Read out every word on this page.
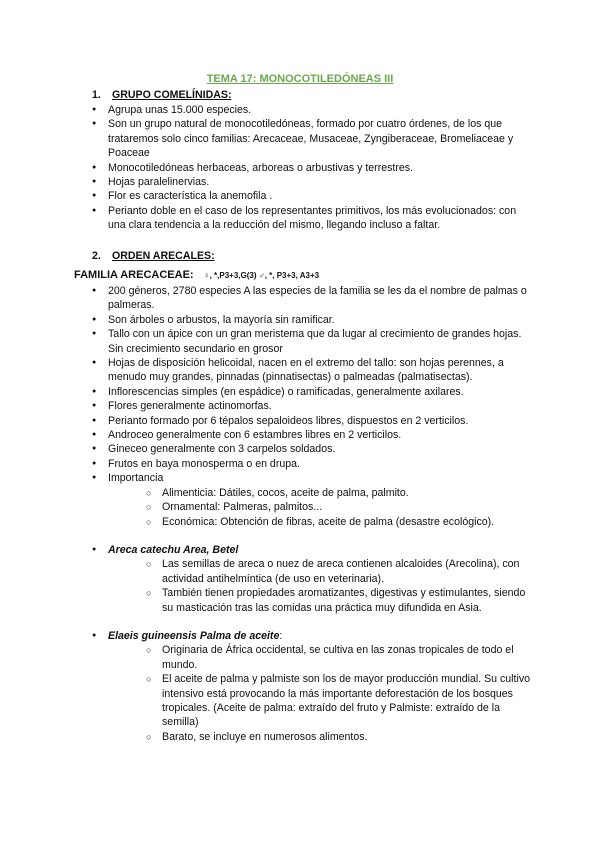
TEMA 17: MONOCOTILEDÓNEAS III
1. GRUPO COMELÍNIDAS:
● Agrupa unas 15.000 especies.
● Son un grupo natural de monocotiledóneas, formado por cuatro órdenes, de los que trataremos solo cinco familias: Arecaceae, Musaceae, Zyngiberaceae, Bromeliaceae y Poaceae
● Monocotiledóneas herbaceas, arboreas o arbustivas y terrestres.
● Hojas paralelinervias.
● Flor es característica la anemofila .
● Perianto doble en el caso de los representantes primitivos, los más evolucionados: con una clara tendencia a la reducción del mismo, llegando incluso a faltar.
2. ORDEN ARECALES:
FAMILIA ARECACEAE: ♀, *,P3+3,G(3) ♂, *, P3+3, A3+3
● 200 géneros, 2780 especies A las especies de la familia se les da el nombre de palmas o palmeras.
● Son árboles o arbustos, la mayoría sin ramificar.
● Tallo con un ápice con un gran meristema que da lugar al crecimiento de grandes hojas. Sin crecimiento secundario en grosor
● Hojas de disposición helicoidal, nacen en el extremo del tallo: son hojas perennes, a menudo muy grandes, pinnadas (pinnatisectas) o palmeadas (palmatisectas).
● Inflorescencias simples (en espádice) o ramificadas, generalmente axilares.
● Flores generalmente actinomorfas.
● Perianto formado por 6 tépalos sepaloideos libres, dispuestos en 2 verticilos.
● Androceo generalmente con 6 estambres libres en 2 verticilos.
● Gineceo generalmente con 3 carpelos soldados.
● Frutos en baya monosperma o en drupa.
● Importancia
○ Alimenticia: Dátiles, cocos, aceite de palma, palmito.
○ Ornamental: Palmeras, palmitos...
○ Económica: Obtención de fibras, aceite de palma (desastre ecológico).
● Areca catechu Area, Betel
○ Las semillas de areca o nuez de areca contienen alcaloides (Arecolina), con actividad antihelmíntica (de uso en veterinaria).
○ También tienen propiedades aromatizantes, digestivas y estimulantes, siendo su masticación tras las comidas una práctica muy difundida en Asia.
● Elaeis guineensis Palma de aceite:
○ Originaria de África occidental, se cultiva en las zonas tropicales de todo el mundo.
○ El aceite de palma y palmiste son los de mayor producción mundial. Su cultivo intensivo está provocando la más importante deforestación de los bosques tropicales. (Aceite de palma: extraído del fruto y Palmiste: extraído de la semilla)
○ Barato, se incluye en numerosos alimentos.
